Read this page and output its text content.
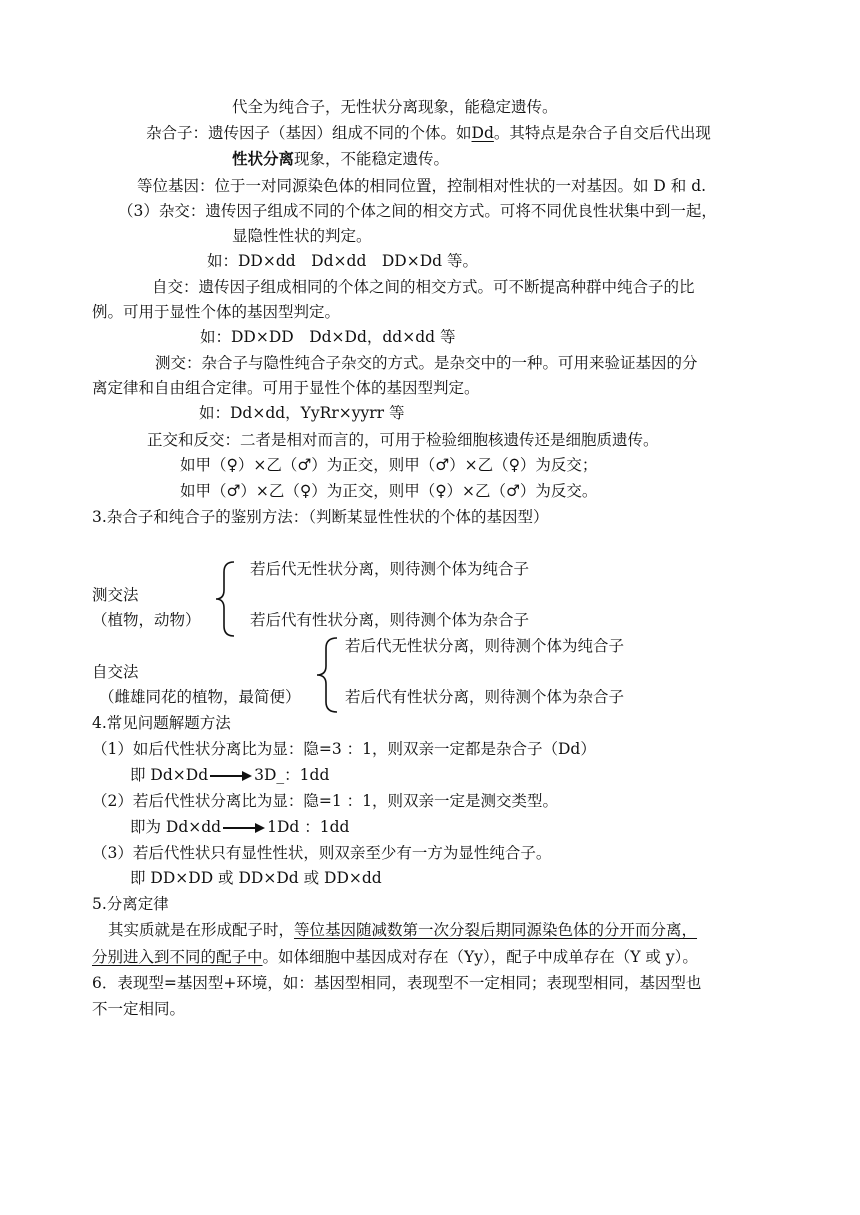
代全为纯合子，无性状分离现象，能稳定遗传。
杂合子：遗传因子（基因）组成不同的个体。如Dd。其特点是杂合子自交后代出现
性状分离现象，不能稳定遗传。
等位基因：位于一对同源染色体的相同位置，控制相对性状的一对基因。如 D 和 d.
（3）杂交：遗传因子组成不同的个体之间的相交方式。可将不同优良性状集中到一起，
显隐性性状的判定。
如：DD×dd　Dd×dd　DD×Dd 等。
自交：遗传因子组成相同的个体之间的相交方式。可不断提高种群中纯合子的比
例。可用于显性个体的基因型判定。
如：DD×DD　Dd×Dd，dd×dd 等
测交：杂合子与隐性纯合子杂交的方式。是杂交中的一种。可用来验证基因的分
离定律和自由组合定律。可用于显性个体的基因型判定。
如：Dd×dd，YyRr×yyrr 等
正交和反交：二者是相对而言的，可用于检验细胞核遗传还是细胞质遗传。
如甲（♀）×乙（♂）为正交，则甲（♂）×乙（♀）为反交；
如甲（♂）×乙（♀）为正交，则甲（♀）×乙（♂）为反交。
3.杂合子和纯合子的鉴别方法：（判断某显性性状的个体的基因型）
若后代无性状分离，则待测个体为纯合子
测交法
（植物，动物）	若后代有性状分离，则待测个体为杂合子
若后代无性状分离，则待测个体为纯合子
自交法
（雌雄同花的植物，最简便）	若后代有性状分离，则待测个体为杂合子
4.常见问题解题方法
（1）如后代性状分离比为显：隐=3 ：1，则双亲一定都是杂合子（Dd）
即 Dd×Dd	3D_：1dd
（2）若后代性状分离比为显：隐=1 ：1，则双亲一定是测交类型。
即为 Dd×dd	1Dd ：1dd
（3）若后代性状只有显性性状，则双亲至少有一方为显性纯合子。
即 DD×DD 或 DD×Dd 或 DD×dd
5.分离定律
其实质就是在形成配子时，等位基因随减数第一次分裂后期同源染色体的分开而分离，
分别进入到不同的配子中。如体细胞中基因成对存在（Yy），配子中成单存在（Y 或 y）。
6．表现型=基因型+环境，如：基因型相同，表现型不一定相同；表现型相同，基因型也
不一定相同。
